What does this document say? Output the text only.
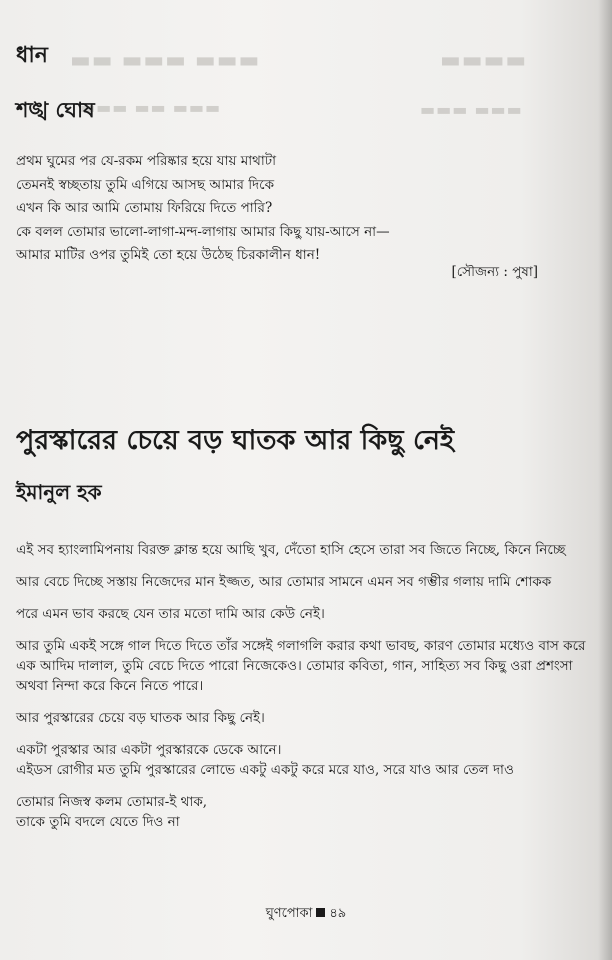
▬▬ ▬▬▬ ▬▬▬	▬▬▬▬
▬▬▬ ▬▬ ▬▬▬	▬▬▬ ▬▬▬
ধান
শঙ্খ ঘোষ
প্রথম ঘুমের পর যে-রকম পরিষ্কার হয়ে যায় মাথাটা
তেমনই স্বচ্ছতায় তুমি এগিয়ে আসছ আমার দিকে
এখন কি আর আমি তোমায় ফিরিয়ে দিতে পারি?
কে বলল তোমার ভালো-লাগা-মন্দ-লাগায় আমার কিছু যায়-আসে না—
আমার মাটির ওপর তুমিই তো হয়ে উঠেছ চিরকালীন ধান!
[সৌজন্য : পুষা]
পুরস্কারের চেয়ে বড় ঘাতক আর কিছু নেই
ইমানুল হক
এই সব হ্যাংলামিপনায় বিরক্ত ক্লান্ত হয়ে আছি খুব, দেঁতো হাসি হেসে তারা সব জিতে নিচ্ছে, কিনে নিচ্ছে
আর বেচে দিচ্ছে সস্তায় নিজেদের মান ইজ্জত, আর তোমার সামনে এমন সব গম্ভীর গলায় দামি শোকক
পরে এমন ভাব করছে যেন তার মতো দামি আর কেউ নেই।
আর তুমি একই সঙ্গে গাল দিতে দিতে তাঁর সঙ্গেই গলাগলি করার কথা ভাবছ, কারণ তোমার মধ্যেও বাস করে এক আদিম দালাল, তুমি বেচে দিতে পারো নিজেকেও। তোমার কবিতা, গান, সাহিত্য সব কিছু ওরা প্রশংসা অথবা নিন্দা করে কিনে নিতে পারে।
আর পুরস্কারের চেয়ে বড় ঘাতক আর কিছু নেই।
একটা পুরস্কার আর একটা পুরস্কারকে ডেকে আনে।
এইডস রোগীর মত তুমি পুরস্কারের লোভে একটু একটু করে মরে যাও, সরে যাও আর তেল দাও
তোমার নিজস্ব কলম তোমার-ই থাক,
তাকে তুমি বদলে যেতে দিও না
ঘুণপোকা ৪৯
